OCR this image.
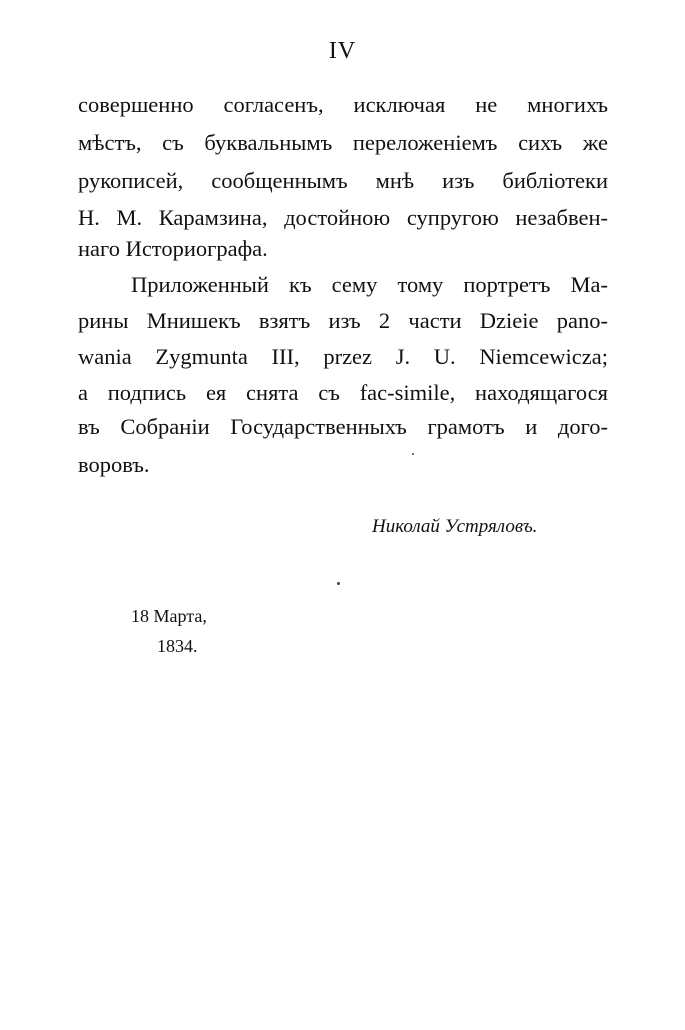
IV
совершенно согласенъ, исключая не многихъ
мѣстъ, съ буквальнымъ переложенiемъ сихъ же
рукописей, сообщеннымъ мнѣ изъ библiотеки
Н. М. Карамзина, достойною супругою незабвен-
наго Историографа.
Приложенный къ сему тому портретъ Ма-
рины Мнишекъ взятъ изъ 2 части Dzieie pano-
wania Zygmunta III, przez J. U. Niemcewicza;
а подпись ея снята съ fac-simile, находящагося
въ Собранiи Государственныхъ грамотъ и дого-
воровъ.
Николай Устряловъ.
18 Марта,
1834.
